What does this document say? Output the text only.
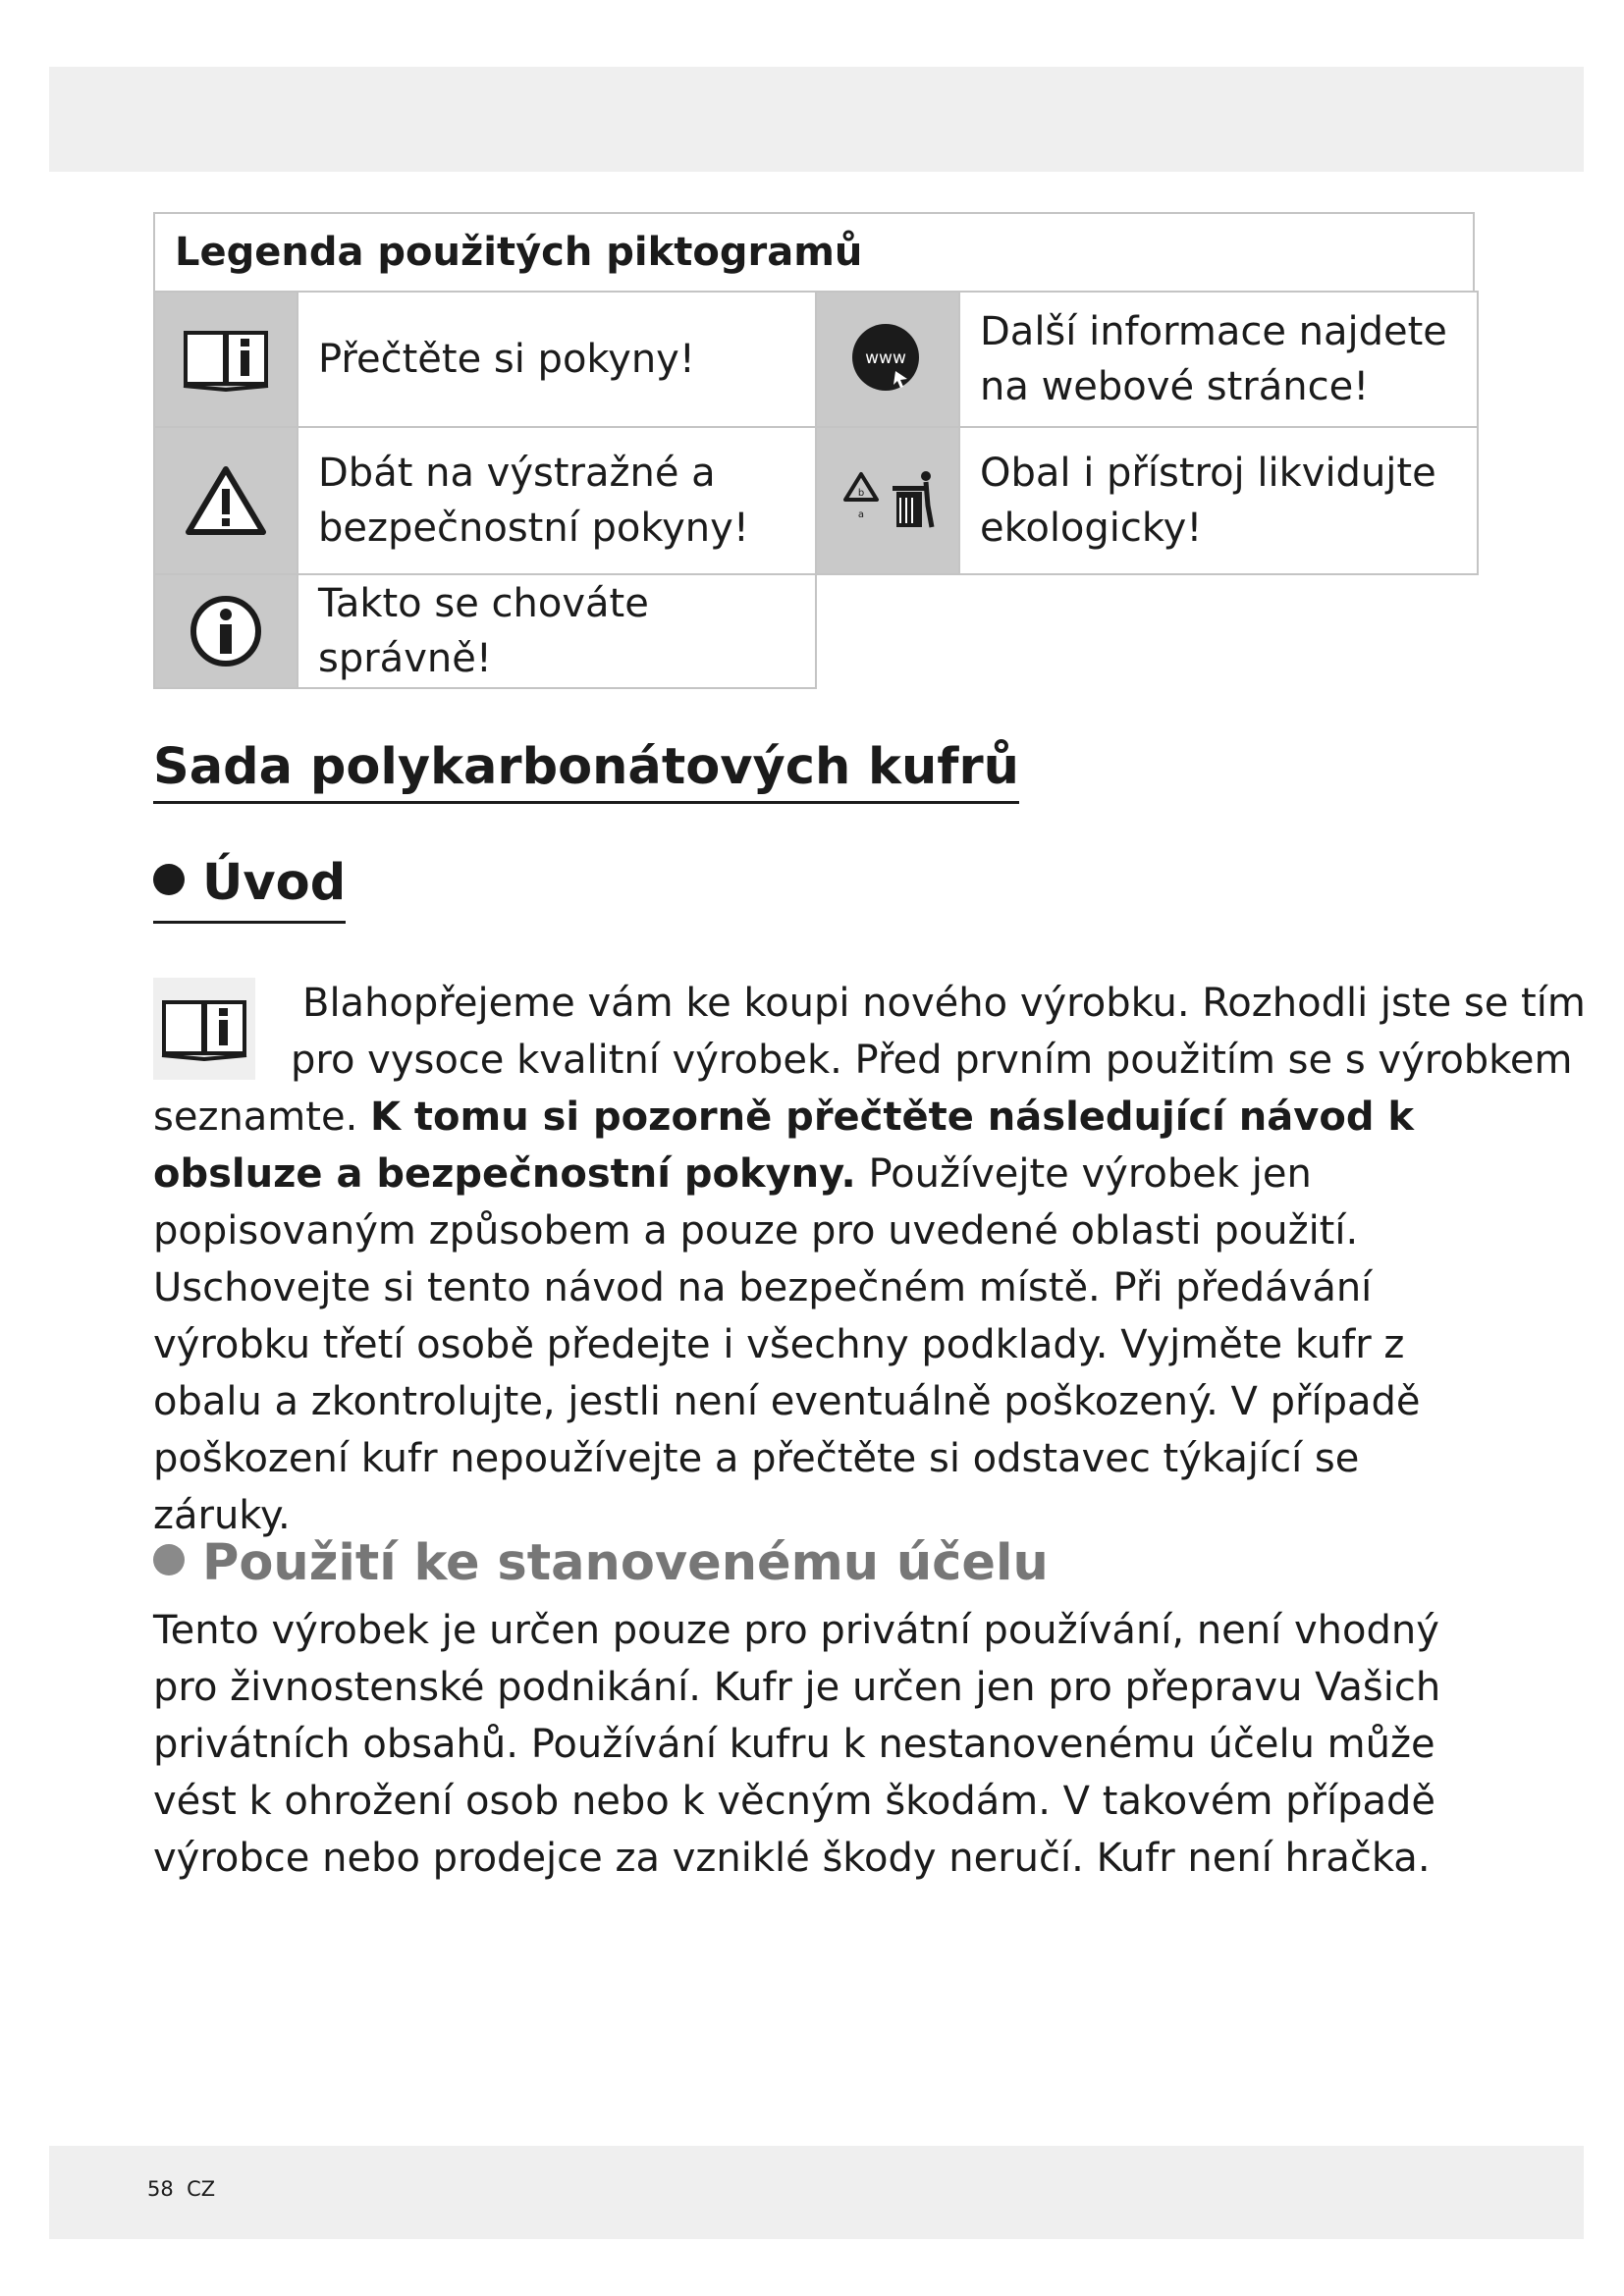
Legenda použitých piktogramů
Přečtěte si pokyny!	www
Další informace najdete na webové stránce!
Dbát na výstražné a bezpečnostní pokyny!
b
a
Obal i přístroj likvidujte ekologicky!
Takto se chováte správně!
Sada polykarbonátových kufrů
Úvod

Blahopřejeme vám ke koupi nového výrobku. Rozhodli jste se tím

pro vysoce kvalitní výrobek. Před prvním použitím se s výrobkem

seznamte. K tomu si pozorně přečtěte následující návod k obsluze a bezpečnostní pokyny. Používejte výrobek jen popisovaným způsobem a pouze pro uvedené oblasti použití. Uschovejte si tento návod na bezpečném místě. Při předávání výrobku třetí osobě předejte i všechny podklady. Vyjměte kufr z obalu a zkontrolujte, jestli není eventuálně poškozený. V případě poškození kufr nepoužívejte a přečtěte si odstavec týkající se záruky.

Použití ke stanovenému účelu

Tento výrobek je určen pouze pro privátní používání, není vhodný pro živnostenské podnikání. Kufr je určen jen pro přepravu Vašich privátních obsahů. Používání kufru k nestanovenému účelu může vést k ohrožení osob nebo k věcným škodám. V takovém případě výrobce nebo prodejce za vzniklé škody neručí. Kufr není hračka.

58 CZ
